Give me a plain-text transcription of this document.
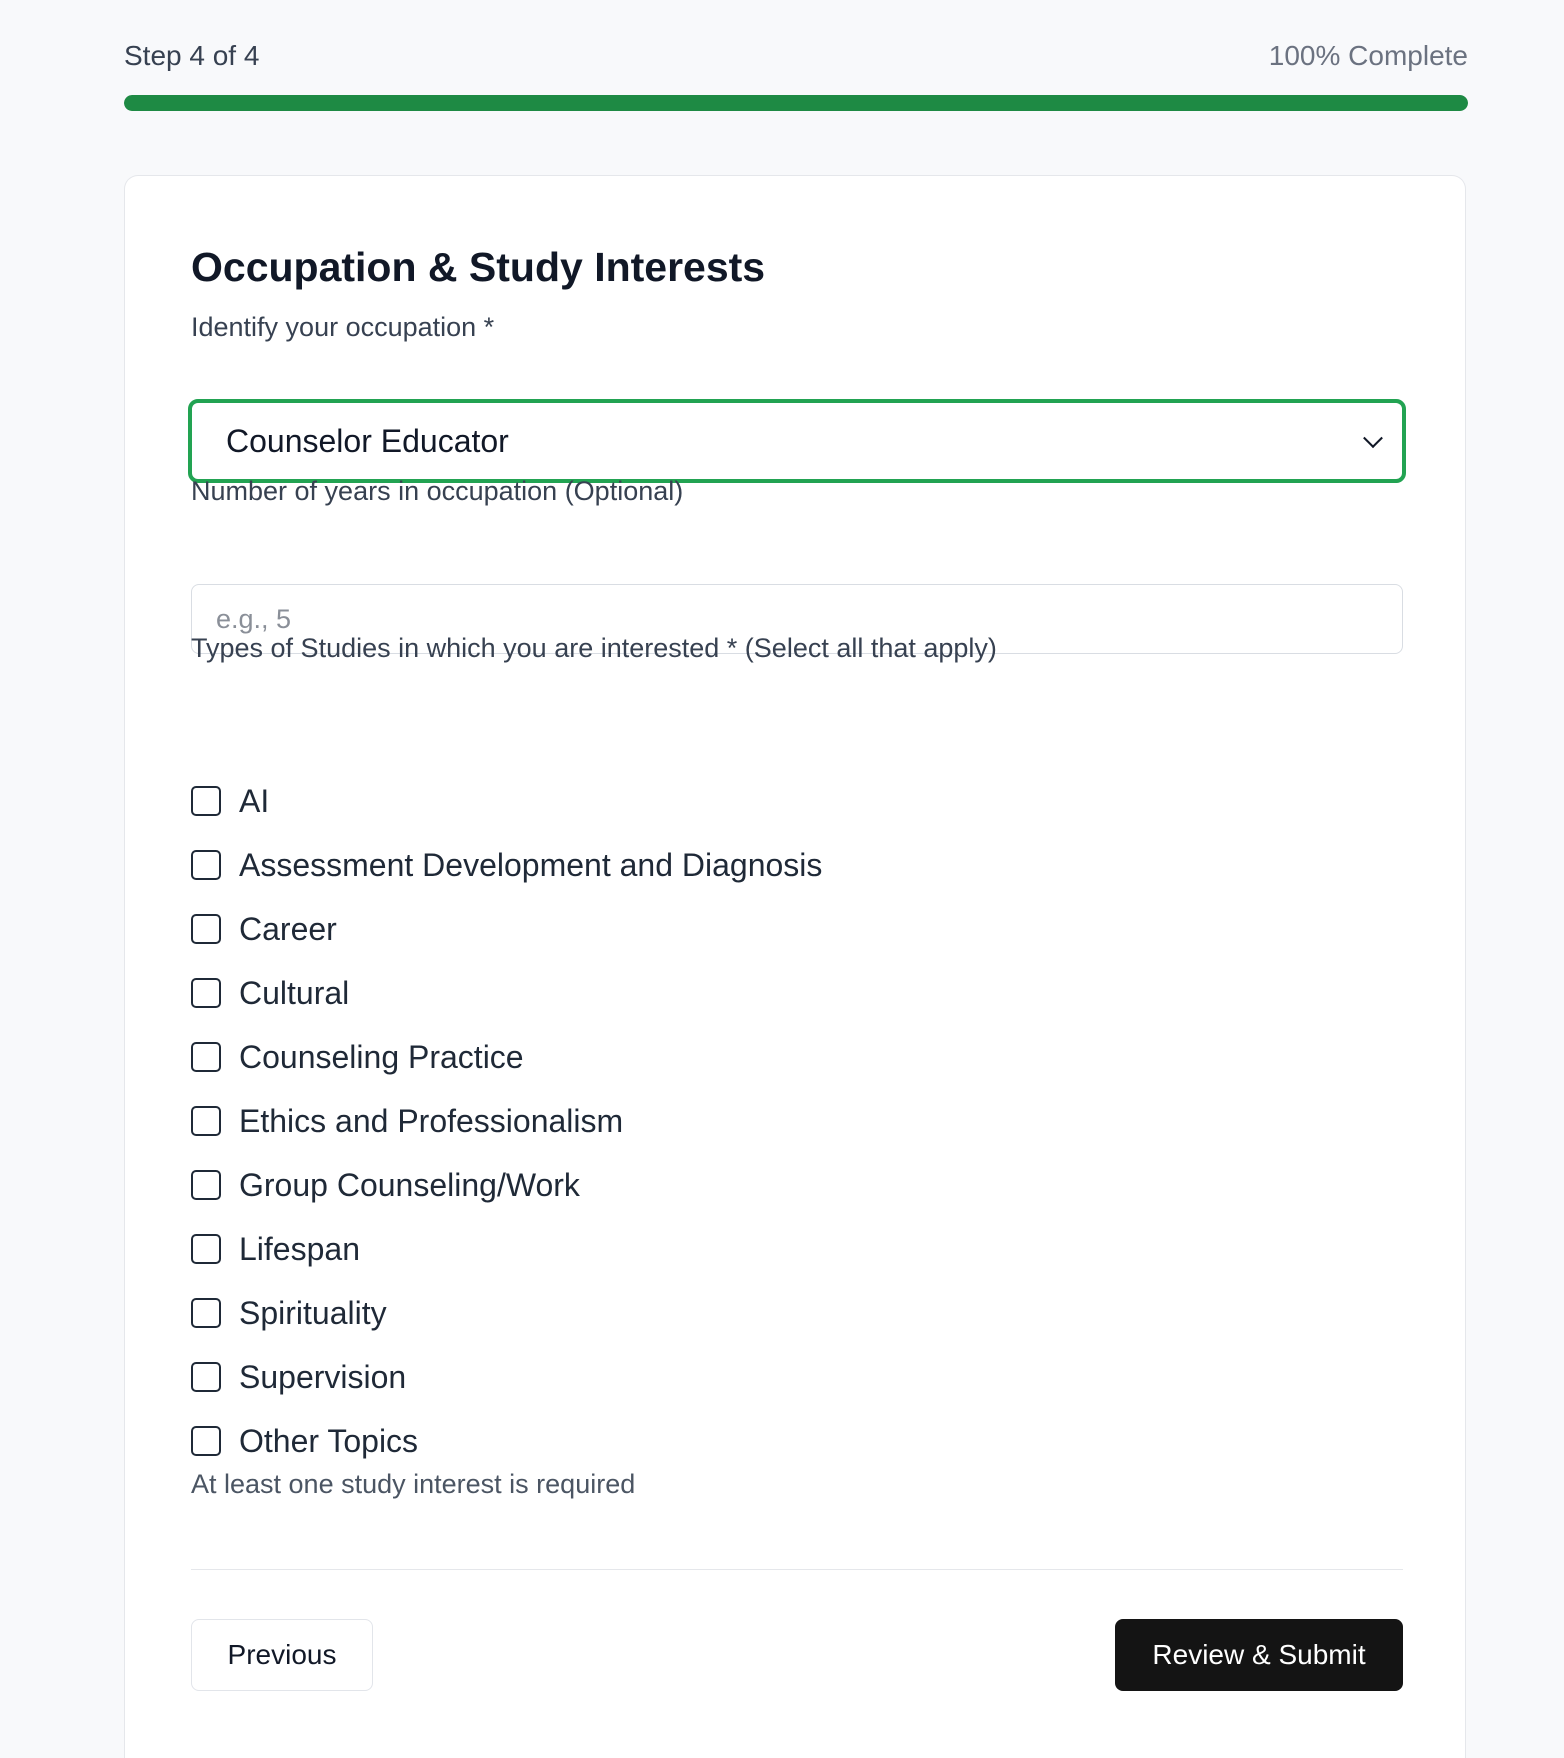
Step 4 of 4	100% Complete
Occupation & Study Interests
Identify your occupation *
Counselor Educator
Number of years in occupation (Optional)
e.g., 5
Types of Studies in which you are interested * (Select all that apply)
AI
Assessment Development and Diagnosis
Career
Cultural
Counseling Practice
Ethics and Professionalism
Group Counseling/Work
Lifespan
Spirituality
Supervision
Other Topics
At least one study interest is required
Previous	Review & Submit
